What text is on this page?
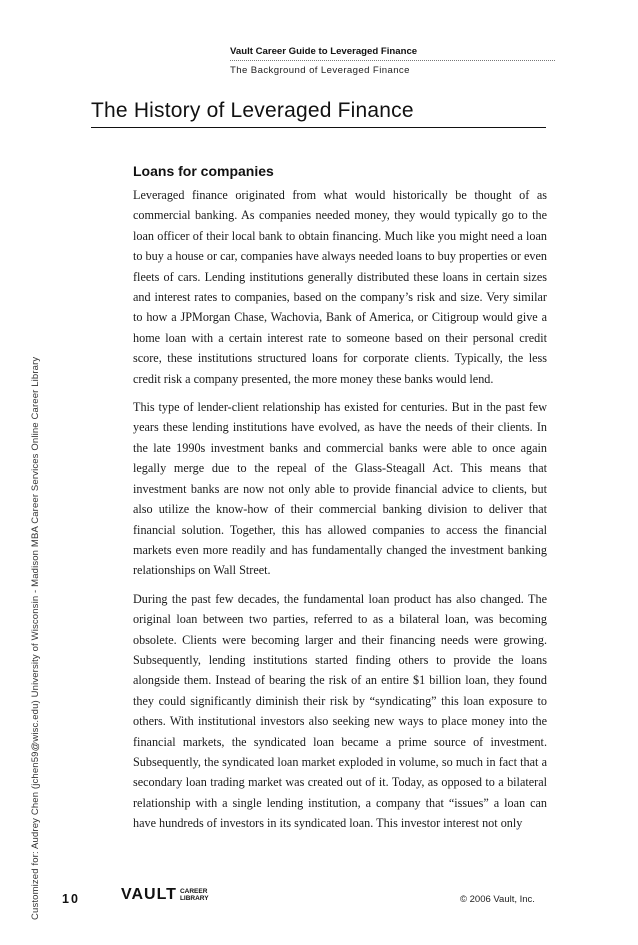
Customized for: Audrey Chen (jchen59@wisc.edu) University of Wisconsin - Madison MBA Career Services Online Career Library
Vault Career Guide to Leveraged Finance
The Background of Leveraged Finance
The History of Leveraged Finance
Loans for companies

Leveraged finance originated from what would historically be thought of as commercial banking. As companies needed money, they would typically go to the loan officer of their local bank to obtain financing. Much like you might need a loan to buy a house or car, companies have always needed loans to buy properties or even fleets of cars. Lending institutions generally distributed these loans in certain sizes and interest rates to companies, based on the company’s risk and size. Very similar to how a JPMorgan Chase, Wachovia, Bank of America, or Citigroup would give a home loan with a certain interest rate to someone based on their personal credit score, these institutions structured loans for corporate clients. Typically, the less credit risk a company presented, the more money these banks would lend.

This type of lender-client relationship has existed for centuries. But in the past few years these lending institutions have evolved, as have the needs of their clients. In the late 1990s investment banks and commercial banks were able to once again legally merge due to the repeal of the Glass-Steagall Act. This means that investment banks are now not only able to provide financial advice to clients, but also utilize the know-how of their commercial banking division to deliver that financial solution. Together, this has allowed companies to access the financial markets even more readily and has fundamentally changed the investment banking relationships on Wall Street.

During the past few decades, the fundamental loan product has also changed. The original loan between two parties, referred to as a bilateral loan, was becoming obsolete. Clients were becoming larger and their financing needs were growing. Subsequently, lending institutions started finding others to provide the loans alongside them. Instead of bearing the risk of an entire $1 billion loan, they found they could significantly diminish their risk by “syndicating” this loan exposure to others. With institutional investors also seeking new ways to place money into the financial markets, the syndicated loan became a prime source of investment. Subsequently, the syndicated loan market exploded in volume, so much in fact that a secondary loan trading market was created out of it. Today, as opposed to a bilateral relationship with a single lending institution, a company that “issues” a loan can have hundreds of investors in its syndicated loan. This investor interest not only

10	VAULT CAREER
LIBRARY	© 2006 Vault, Inc.
